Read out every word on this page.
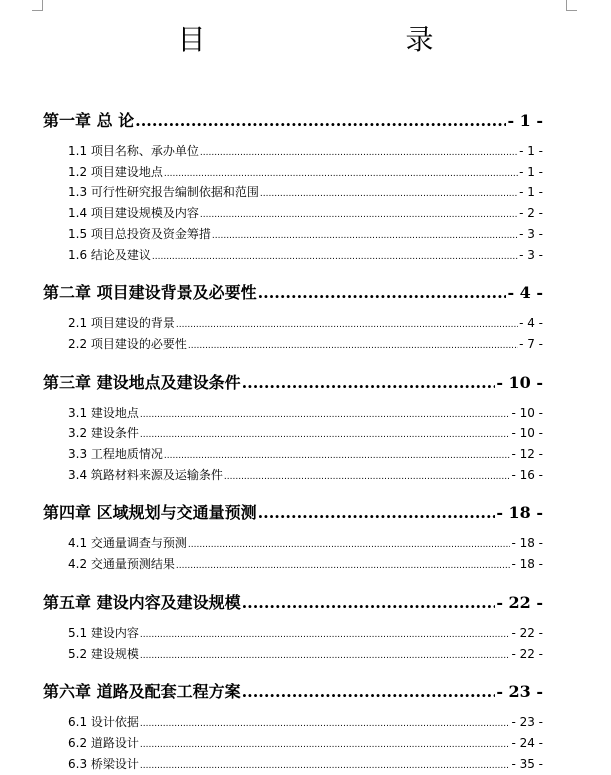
目　　录
第一章 总 论 .....	- 1 -
1.1 项目名称、承办单位 .....	- 1 -
1.2 项目建设地点 .....	- 1 -
1.3 可行性研究报告编制依据和范围 .....	- 1 -
1.4 项目建设规模及内容 .....	- 2 -
1.5 项目总投资及资金筹措 .....	- 3 -
1.6 结论及建议 .....	- 3 -
第二章 项目建设背景及必要性 .....	- 4 -
2.1 项目建设的背景 .....	- 4 -
2.2 项目建设的必要性 .....	- 7 -
第三章 建设地点及建设条件 .....	- 10 -
3.1 建设地点 .....	- 10 -
3.2 建设条件 .....	- 10 -
3.3 工程地质情况 .....	- 12 -
3.4 筑路材料来源及运输条件 .....	- 16 -
第四章 区域规划与交通量预测 .....	- 18 -
4.1 交通量调查与预测 .....	- 18 -
4.2 交通量预测结果 .....	- 18 -
第五章 建设内容及建设规模 .....	- 22 -
5.1 建设内容 .....	- 22 -
5.2 建设规模 .....	- 22 -
第六章 道路及配套工程方案 .....	- 23 -
6.1 设计依据 .....	- 23 -
6.2 道路设计 .....	- 24 -
6.3 桥梁设计 .....	- 35 -
